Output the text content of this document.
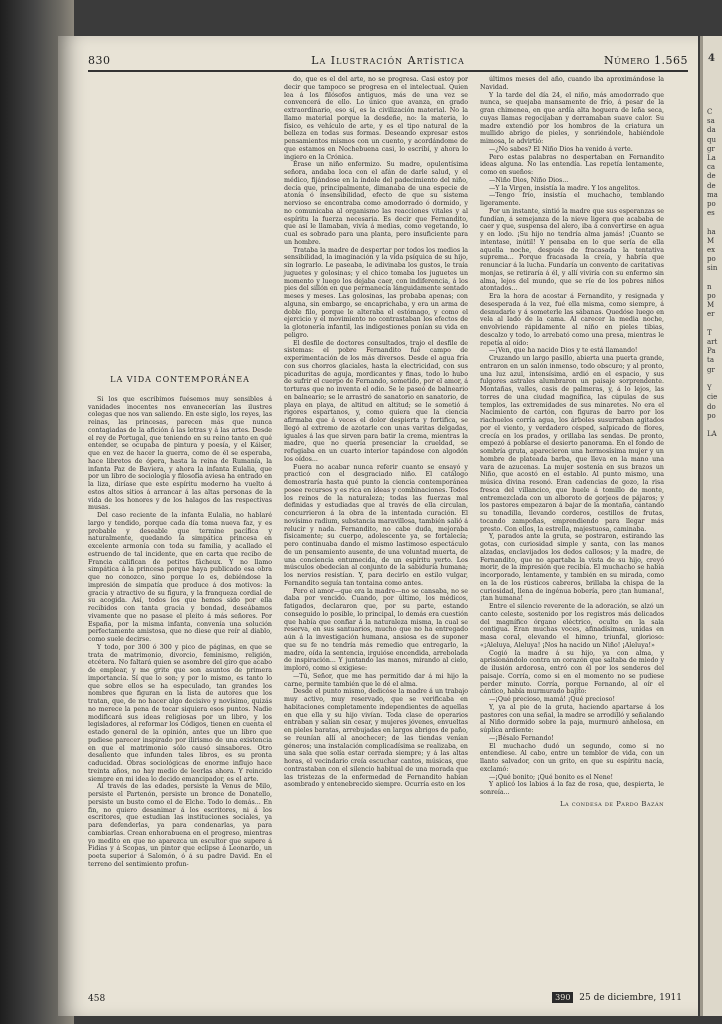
830	La Ilustración Artística	Número 1.565
LA VIDA CONTEMPORÁNEA

Si los que escribimos fuésemos muy sensibles á vanidades inocentes nos envanecerían las ilustres colegas que nos van saliendo. En este siglo, los reyes, las reinas, las princesas, parecen más que nunca contagiadas de la afición á las letras y á las artes. Desde el rey de Portugal, que teniendo en su reino tanto en qué entender, se ocupaba de pintura y poesía, y el Káiser, que en vez de hacer la guerra, como de él se esperaba, hace libretos de ópera, hasta la reina de Rumanía, la infanta Paz de Baviera, y ahora la infanta Eulalia, que por un libro de sociología y filosofía aviesa ha entrado en la liza, diríase que este espíritu moderno ha vuelto á estos altos sitios á arrancar á las altas personas de la vida de los honores y de los halagos de las respectivas musas.

Del caso reciente de la infanta Eulalia, no hablaré largo y tendido, porque cada día toma nueva faz, y es probable y deseable que termine pacífica y naturalmente, quedando la simpática princesa en excelente armonía con toda su familia, y acallado el estruendo de tal incidente, que en carta que recibo de Francia califican de petites fâcheux. Y no llamo simpática á la princesa porque haya publicado esa obra que no conozco, sino porque lo es, debiéndose la impresión de simpatía que produce á dos motivos: la gracia y atractivo de su figura, y la franqueza cordial de su acogida. Así, todos los que hemos sido por ella recibidos con tanta gracia y bondad, deseábamos vivamente que no pasase el pleito á más señores. Por España, por la misma infanta, convenía una solución perfectamente amistosa, que no diese que reír al diablo, como suele decirse.

Y todo, por 300 ó 300 y pico de páginas, en que se trata de matrimonio, divorcio, feminismo, religión, etcétera. No faltará quien se asombre del giro que acabo de emplear, y me grite que son asuntos de primera importancia. Sí que lo son; y por lo mismo, es tanto lo que sobre ellos se ha especulado, tan grandes los nombres que figuran en la lista de autores que los tratan, que, de no hacer algo decisivo y novísimo, quizás no merece la pena de tocar siquiera esos puntos. Nadie modificará sus ideas religiosas por un libro, y los legisladores, al reformar los Códigos, tienen en cuenta el estado general de la opinión, antes que un libro que pudiese parecer inspirado por ilirismo de una existencia en que el matrimonio sólo causó sinsabores. Otro desaliento que infunden tales libros, es su pronta caducidad. Obras sociológicas de enorme influjo hace treinta años, no hay medio de leerlas ahora. Y reincido siempre en mi idea lo decido emancipador, es el arte.

Al través de las edades, persiste la Venus de Milo, persiste el Partenón, persiste un bronce de Donatello, persiste un busto como el de Elche. Todo lo demás... En fin, no quiero desanimar á los escritores, ni á los escritores, que estudian las instituciones sociales, ya para defenderlas, ya para condenarlas, ya para cambiarlas. Crean enhorabuena en el progreso, mientras yo medito en que no aparezca un escultor que supere á Fidias y á Scopas, un pintor que eclipse á Leonardo, un poeta superior á Salomón, ó á su padre David. En el terreno del sentimiento profun-

do, que es el del arte, no se progresa. Casi estoy por decir que tampoco se progresa en el intelectual. Quien lea á los filósofos antiguos, más de una vez se convencerá de ello. Lo único que avanza, en grado extraordinario, eso sí, es la civilización material. No la llamo material porque la desdeñe, no: la materia, lo físico, es vehículo de arte, y es el tipo natural de la belleza en todas sus formas. Deseando expresar estos pensamientos mismos con un cuento, y acordándome de que estamos en Nochebuena casi, lo escribí, y ahora lo ingiero en la Crónica.

Érase un niño enfermizo. Su madre, opulentísima señora, andaba loca con el afán de darle salud, y el médico, fijándose en la índole del padecimiento del niño, decía que, principalmente, dimanaba de una especie de atonía ó insensibilidad, efecto de que su sistema nervioso se encontraba como amodorrado ó dormido, y no comunicaba al organismo las reacciones vitales y al espíritu la fuerza necesaria. Es decir que Fernandito, que así le llamaban, vivía á medias, como vegetando, lo cual es sobrado para una planta, pero insuficiente para un hombre.

Trataba la madre de despertar por todos los medios la sensibilidad, la imaginación y la vida psíquica de su hijo, sin lograrlo. Le paseaba, le adivinaba los gustos, le traía juguetes y golosinas; y el chico tomaba los juguetes un momento y luego los dejaba caer, con indiferencia, á los pies del sillón en que permanecía lánguidamente sentado meses y meses. Las golosinas, las probaba apenas; con alguna, sin embargo, se encaprichaba, y era un arma de doble filo, porque le alteraba el estómago, y como el ejercicio y el movimiento no contrastaban los efectos de la glotonería infantil, las indigestiones ponían su vida en peligro.

El desfile de doctores consultados, trajo el desfile de sistemas: el pobre Fernandito fué campo de experimentación de los más diversos. Desde el agua fría con sus chorros glaciales, hasta la electricidad, con sus picaduritas de aguja, mordicantes y finas, todo lo hubo de sufrir el cuerpo de Fernando, sometido, por el amor, á torturas que no inventa el odio. Se le paseó de balneario en balneario; se le arrastró de sanatorio en sanatorio, de playa en playa, de altitud en altitud; se le sometió á rigores espartanos, y, como quiera que la ciencia afirmaba que á veces el dolor despierta y fortifica, se llegó al extremo de azotarle con unas varitas delgadas, iguales á las que sirven para batir la crema, mientras la madre, que no quería presenciar la crueldad, se refugiaba en un cuarto interior tapándose con algodón los oídos...

Fuera no acabar nunca referir cuanto se ensayó y practicó con el desgraciado niño. El catálogo demostraría hasta qué punto la ciencia contemporánea posee recursos y es rica en ideas y combinaciones. Todos los reinos de la naturaleza; todas las fuerzas mal definidas y estudiadas que al través de ella circulan, concurrieron á la obra de la intentada curación. El novísimo radium, substancia maravillosa, también salió á relucir y nada. Fernandito, no cabe duda, mejoraba físicamente; su cuerpo, adolescente ya, se fortalecía; pero continuaba dando el mismo lastimoso espectáculo de un pensamiento ausente, de una voluntad muerta, de una conciencia entumecida, de un espíritu yerto. Los músculos obedecían al conjunto de la sabiduría humana; los nervios resistían. Y, para decirlo en estilo vulgar, Fernandito seguía tan tontaina como antes.

Pero el amor—que era la madre—no se cansaba, no se daba por vencido. Cuando, por último, los médicos, fatigados, declararon que, por su parte, estando conseguido lo posible, lo principal, lo demás era cuestión que había que confiar á la naturaleza misma, la cual se reserva, en sus santuarios, mucho que no ha entregado aún á la investigación humana, ansiosa es de suponer que su fe no tendría más remedio que entregarlo, la madre, oída la sentencia, irguióse encendida, arrebolada de inspiración... Y juntando las manos, mirando al cielo, imploró, como si exigiese:

—Tú, Señor, que me has permitido dar á mi hijo la carne, permite también que le dé el alma.

Desde el punto mismo, dedicóse la madre á un trabajo muy activo, muy reservado, que se verificaba en habitaciones completamente independientes de aquellas en que ella y su hijo vivían. Toda clase de operarios entraban y salían sin cesar, y mujeres jóvenes, envueltas en pieles baratas, arrebujadas en largos abrigos de paño, se reunían allí al anochecer; de las tiendas venían géneros; una instalación complicadísima se realizaba, en una sala que solía estar cerrada siempre; y á las altas horas, el vecindario creía escuchar cantos, músicas, que contrastaban con el silencio habitual de una morada que las tristezas de la enfermedad de Fernandito habían asombrado y entenebrecido siempre. Ocurría esto en los

últimos meses del año, cuando iba aproximándose la Navidad.

Y la tarde del día 24, el niño, más amodorrado que nunca, se quejaba mansamente de frío, á pesar de la gran chimenea, en que ardía alta hoguera de leña seca, cuyas llamas regocijaban y derramaban suave calor. Su madre extendió por los hombros de la criatura un mullido abrigo de pieles, y sonriéndole, habiéndole mimosa, le advirtió:

—¿No sabes? El Niño Dios ha venido á verte.

Pero estas palabras no despertaban en Fernandito ideas alguna. No las entendía. Las repetía lentamente, como en sueños:

—Niño Dios, Niño Dios...

—Y la Virgen, insistía la madre. Y los angelitos.

—Tengo frío, insistía el muchacho, temblando ligeramente.

Por un instante, sintió la madre que sus esperanzas se fundían, á semejanza de la nieve ligera que acababa de caer y que, suspensa del alero, iba á convertirse en agua y en lodo. ¡Su hijo no tendría alma jamás! ¡Cuanto se intentase, inútil! Y pensaba en lo que sería de ella aquella noche, después de fracasada la tentativa suprema... Porque fracasada la creía, y habría que renunciar á la lucha. Fundaría un convento de caritativas monjas, se retiraría á él, y allí viviría con su enfermo sin alma, lejos del mundo, que se ríe de los pobres niños atontados...

Era la hora de acostar á Fernandito, y resignada y desesperada á la vez, fué ella misma, como siempre, á desnudarle y á someterle las sábanas. Quedóse luego en vela al lado de la cama. Al carecer la media noche, envolviendo rápidamente al niño en pieles tibias, descalzo y todo, lo arrebató como una presa, mientras le repetía al oído:

—¡Ven, que ha nacido Dios y te está llamando!

Cruzando un largo pasillo, abierta una puerta grande, entraron en un salón inmenso, todo obscuro; y al pronto, una luz azul, intensísima, ardió en el espacio, y sus fulgores astrales alumbraron un paisaje sorprendente. Montañas, valles, casis de palmeras, y, á lo lejos, las torres de una ciudad magnífica, las cúpulas de sus templos, las extremidades de sus minaretes. No era el Nacimiento de cartón, con figuras de barro por los riachuelos corría agua, los árboles susurraban agitados por el viento, y verdadero césped, salpicado de flores, crecía en los prados, y orillaba las sendas. De pronto, empezó á poblarse el desierto panorama. En el fondo de sombría gruta, aparecieron una hermosísima mujer y un hombre de plateada barba, que lleva en la mano una vara de azucenas. La mujer sostenía en sus brazos un Niño, que acostó en el establo. Al punto mismo, una música divina resonó. Eran cadencias de gozo, la risa fresca del villancico, que huele á tomillo de monte, entremezclada con un alboroto de gorjeos de pájaros; y los pastores empezaron á bajar de la montaña, cantando su tonadilla, llevando corderos, cestillos de frutas, tocando zampoñas, emprendiendo para llegar más presto. Con ellos, la estrella, majestuosa, caminaba.

Y, parados ante la gruta, se postraron, estirando las gotas, con curiosidad simple y santa, con las manos alzadas, enclavijados los dedos callosos; y la madre, de Fernandito, que no apartaba la vista de su hijo, creyó morir, de la impresión que recibía. El muchacho se había incorporado, lentamente, y también en su mirada, como en la de los rústicos cabreros, brillaba la chispa de la curiosidad, llena de ingénua bobería, pero ¡tan humana!, ¡tan humana!

Entre el silencio reverente de la adoración, se alzó un canto celeste, sostenido por los registros más delicados del magnífico órgano eléctrico, oculto en la sala contigua. Eran muchas voces, afinadísimas, unidas en masa coral, elevando el himno, triunfal, glorioso: «¡Aleluya, Aleluya! ¡Nos ha nacido un Niño! ¡Aleluya!»

Cogió la madre á su hijo, ya con alma, y aprisionándolo contra un corazón que saltaba de miedo y de ilusión ardorosa, entró con él por los senderos del paisaje. Corría, como si en el momento no se pudiese perder minuto. Corría, porque Fernando, al oír el cántico, había murmurado bajito:

—¡Qué precioso, mamá! ¡Qué precioso!

Y, ya al pie de la gruta, haciendo apartarse á los pastores con una señal, la madre se arrodilló y señalando al Niño dormido sobre la paja, murmuró anhelosa, en súplica ardiente:

—¡Bésalo Fernando!

El muchacho dudó un segundo, como si no entendiese. Al cabo, entre un temblor de vida, con un llanto salvador, con un grito, en que su espíritu nacía, exclamó:

—¡Qué bonito; ¡Qué bonito es el Nene!

Y aplicó los labios á la faz de rosa, que, despierta, le sonreía...

La condesa de Pardo Bazán
458	390 25 de diciembre, 1911
4
C
sa
da
qu
gr
La
ca
de
de
ma
po
es

ha
M
ex
po
sin

n
po
M
er

T
art
Pa
ta
gr

Y
cie
do
po

LA
